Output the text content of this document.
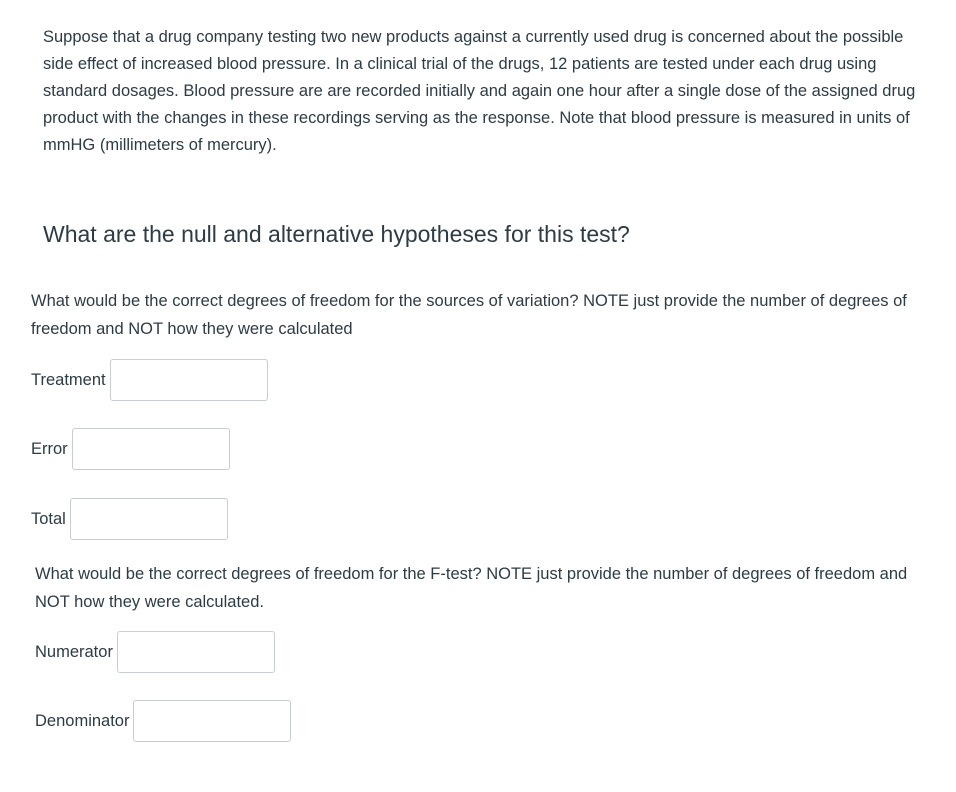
Suppose that a drug company testing two new products against a currently used drug is concerned about the possible side effect of increased blood pressure. In a clinical trial of the drugs, 12 patients are tested under each drug using standard dosages. Blood pressure are are recorded initially and again one hour after a single dose of the assigned drug product with the changes in these recordings serving as the response. Note that blood pressure is measured in units of mmHG (millimeters of mercury).

What are the null and alternative hypotheses for this test?

What would be the correct degrees of freedom for the sources of variation? NOTE just provide the number of degrees of freedom and NOT how they were calculated

Treatment
Error
Total

What would be the correct degrees of freedom for the F-test? NOTE just provide the number of degrees of freedom and NOT how they were calculated.

Numerator
Denominator
